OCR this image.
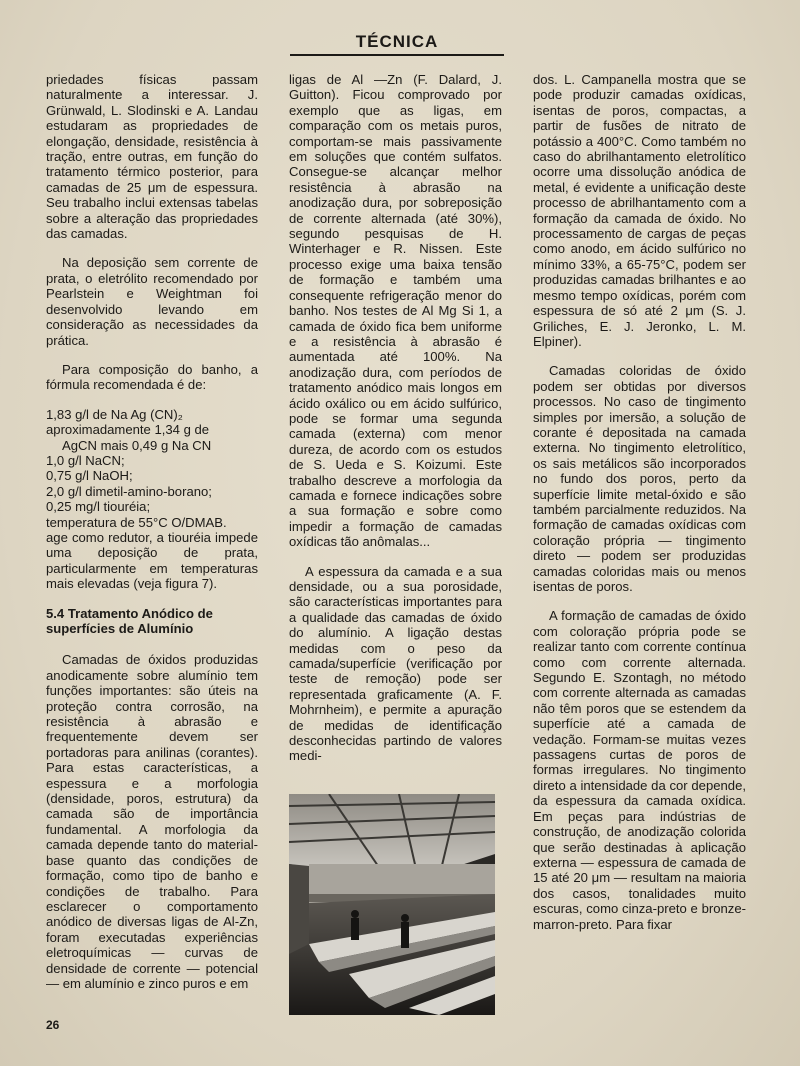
TÉCNICA

priedades físicas passam naturalmente a interessar. J. Grünwald, L. Slodinski e A. Landau estudaram as propriedades de elongação, densidade, resistência à tração, entre outras, em função do tratamento térmico posterior, para camadas de 25 μm de espessura. Seu trabalho inclui extensas tabelas sobre a alteração das propriedades das camadas.

Na deposição sem corrente de prata, o eletrólito recomendado por Pearlstein e Weightman foi desenvolvido levando em consideração as necessidades da prática.

Para composição do banho, a fórmula recomendada é de:

1,83 g/l de Na Ag (CN)₂
aproximadamente 1,34 g de
AgCN mais 0,49 g Na CN
1,0 g/l NaCN;
0,75 g/l NaOH;
2,0 g/l dimetil-amino-borano;
0,25 mg/l tiouréia;
temperatura de 55°C O/DMAB.
age como redutor, a tiouréia impede uma deposição de prata, particularmente em temperaturas mais elevadas (veja figura 7).
5.4 Tratamento Anódico de superfícies de Alumínio

Camadas de óxidos produzidas anodicamente sobre alumínio tem funções importantes: são úteis na proteção contra corrosão, na resistência à abrasão e frequentemente devem ser portadoras para anilinas (corantes). Para estas características, a espessura e a morfologia (densidade, poros, estrutura) da camada são de importância fundamental. A morfologia da camada depende tanto do material-base quanto das condições de formação, como tipo de banho e condições de trabalho. Para esclarecer o comportamento anódico de diversas ligas de Al-Zn, foram executadas experiências eletroquímicas — curvas de densidade de corrente — potencial — em alumínio e zinco puros e em

ligas de Al —Zn (F. Dalard, J. Guitton). Ficou comprovado por exemplo que as ligas, em comparação com os metais puros, comportam-se mais passivamente em soluções que contém sulfatos. Consegue-se alcançar melhor resistência à abrasão na anodização dura, por sobreposição de corrente alternada (até 30%), segundo pesquisas de H. Winterhager e R. Nissen. Este processo exige uma baixa tensão de formação e também uma consequente refrigeração menor do banho. Nos testes de Al Mg Si 1, a camada de óxido fica bem uniforme e a resistência à abrasão é aumentada até 100%. Na anodização dura, com períodos de tratamento anódico mais longos em ácido oxálico ou em ácido sulfúrico, pode se formar uma segunda camada (externa) com menor dureza, de acordo com os estudos de S. Ueda e S. Koizumi. Este trabalho descreve a morfologia da camada e fornece indicações sobre a sua formação e sobre como impedir a formação de camadas oxídicas tão anômalas...

A espessura da camada e a sua densidade, ou a sua porosidade, são características importantes para a qualidade das camadas de óxido do alumínio. A ligação destas medidas com o peso da camada/superfície (verificação por teste de remoção) pode ser representada graficamente (A. F. Mohrnheim), e permite a apuração de medidas de identificação desconhecidas partindo de valores medi-

dos. L. Campanella mostra que se pode produzir camadas oxídicas, isentas de poros, compactas, a partir de fusões de nitrato de potássio a 400°C. Como também no caso do abrilhantamento eletrolítico ocorre uma dissolução anódica de metal, é evidente a unificação deste processo de abrilhantamento com a formação da camada de óxido. No processamento de cargas de peças como anodo, em ácido sulfúrico no mínimo 33%, a 65-75°C, podem ser produzidas camadas brilhantes e ao mesmo tempo oxídicas, porém com espessura de só até 2 μm (S. J. Griliches, E. J. Jeronko, L. M. Elpiner).

Camadas coloridas de óxido podem ser obtidas por diversos processos. No caso de tingimento simples por imersão, a solução de corante é depositada na camada externa. No tingimento eletrolítico, os sais metálicos são incorporados no fundo dos poros, perto da superfície limite metal-óxido e são também parcialmente reduzidos. Na formação de camadas oxídicas com coloração própria — tingimento direto — podem ser produzidas camadas coloridas mais ou menos isentas de poros.

A formação de camadas de óxido com coloração própria pode se realizar tanto com corrente contínua como com corrente alternada. Segundo E. Szontagh, no método com corrente alternada as camadas não têm poros que se estendem da superfície até a camada de vedação. Formam-se muitas vezes passagens curtas de poros de formas irregulares. No tingimento direto a intensidade da cor depende, da espessura da camada oxídica. Em peças para indústrias de construção, de anodização colorida que serão destinadas à aplicação externa — espessura de camada de 15 até 20 μm — resultam na maioria dos casos, tonalidades muito escuras, como cinza-preto e bronze-marron-preto. Para fixar

26
